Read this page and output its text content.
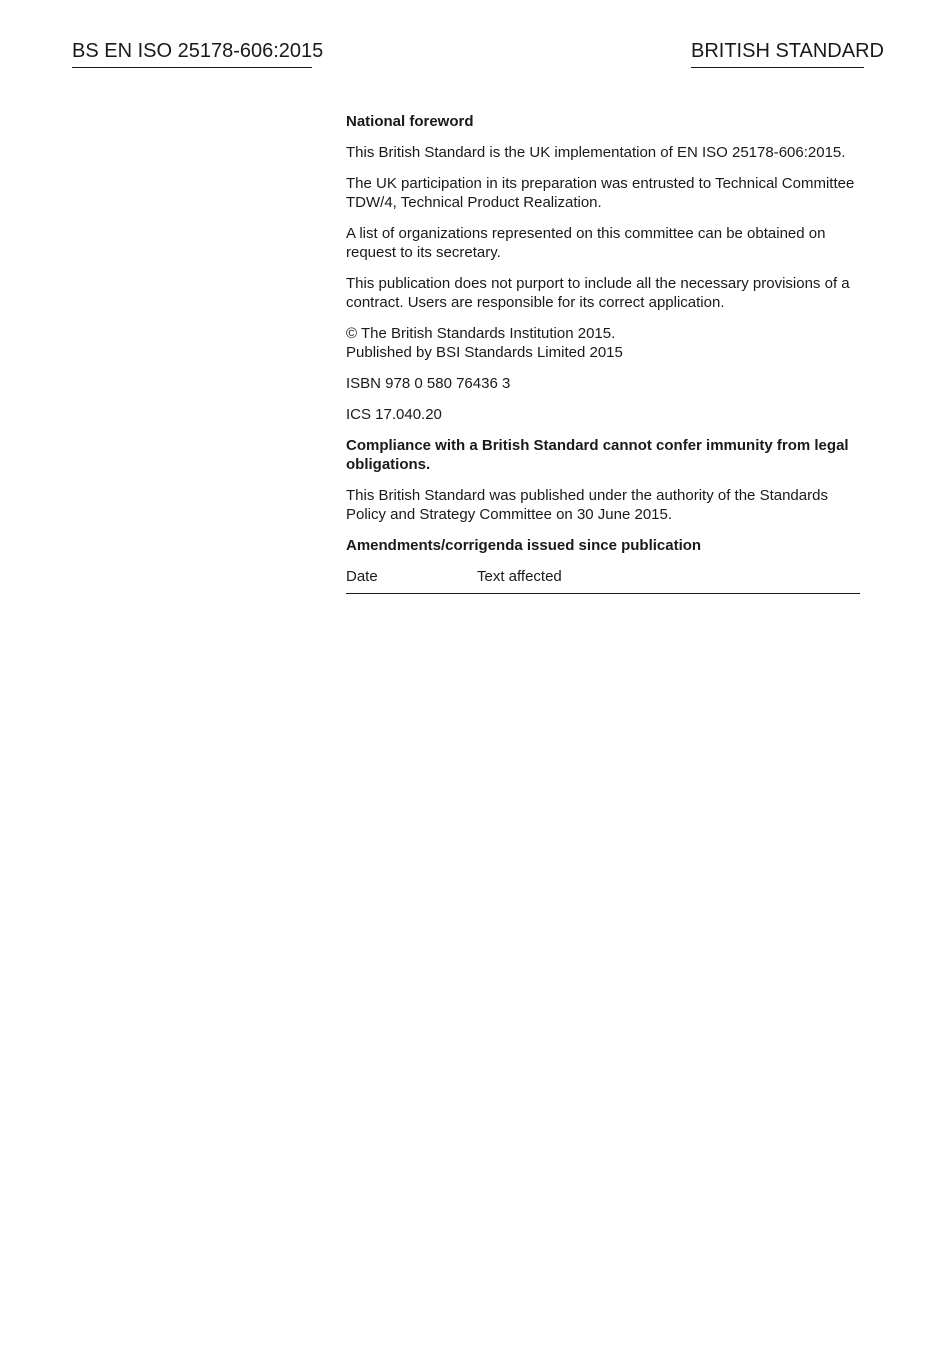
BS EN ISO 25178-606:2015	BRITISH STANDARD

National foreword

This British Standard is the UK implementation of EN ISO 25178-606:2015.

The UK participation in its preparation was entrusted to Technical Committee TDW/4, Technical Product Realization.

A list of organizations represented on this committee can be obtained on request to its secretary.

This publication does not purport to include all the necessary provisions of a contract. Users are responsible for its correct application.

© The British Standards Institution 2015.
Published by BSI Standards Limited 2015

ISBN 978 0 580 76436 3

ICS 17.040.20

Compliance with a British Standard cannot confer immunity from legal obligations.

This British Standard was published under the authority of the Standards Policy and Strategy Committee on 30 June 2015.

Amendments/corrigenda issued since publication

Date	Text affected
